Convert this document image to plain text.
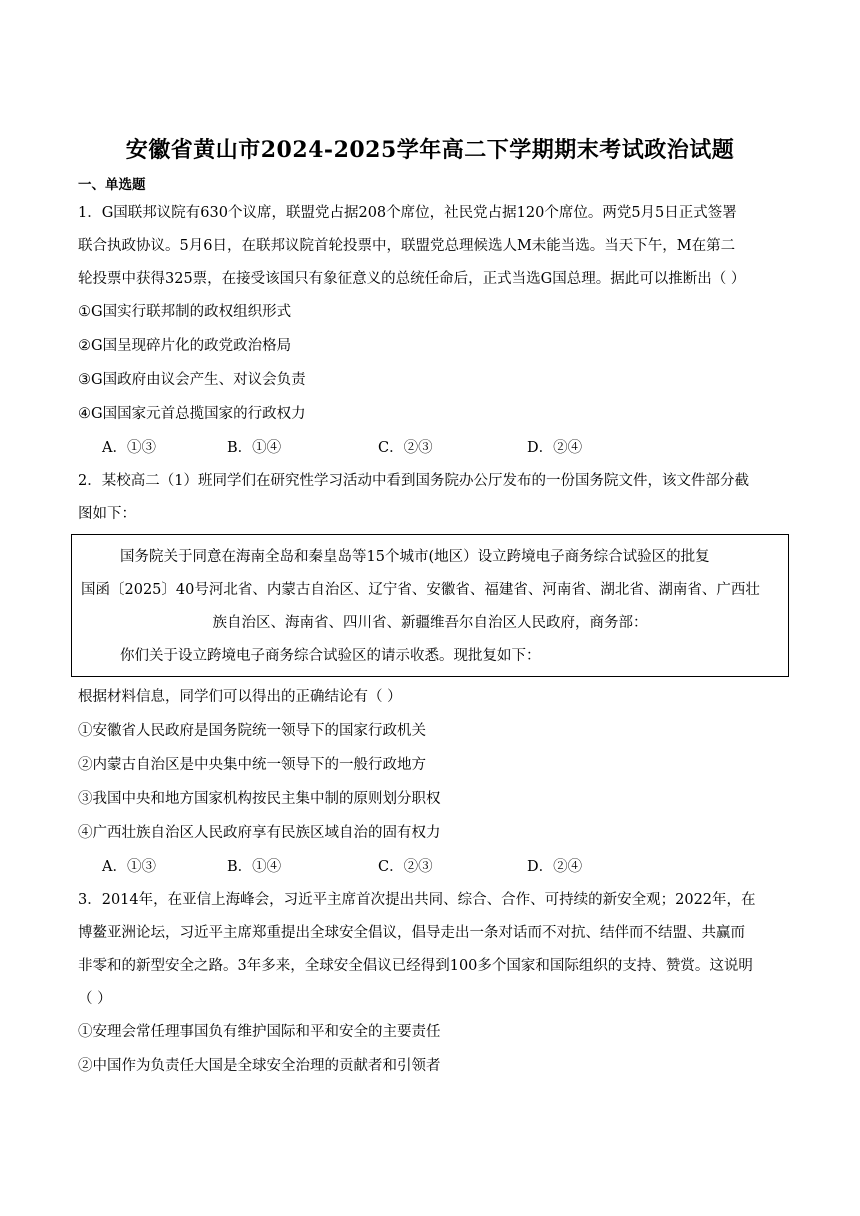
安徽省黄山市2024-2025学年高二下学期期末考试政治试题
一、单选题
1．G国联邦议院有630个议席，联盟党占据208个席位，社民党占据120个席位。两党5月5日正式签署
联合执政协议。5月6日，在联邦议院首轮投票中，联盟党总理候选人M未能当选。当天下午，M在第二
轮投票中获得325票，在接受该国只有象征意义的总统任命后，正式当选G国总理。据此可以推断出（ ）
①G国实行联邦制的政权组织形式
②G国呈现碎片化的政党政治格局
③G国政府由议会产生、对议会负责
④G国国家元首总揽国家的行政权力
A．①③	B．①④	C．②③	D．②④
2．某校高二（1）班同学们在研究性学习活动中看到国务院办公厅发布的一份国务院文件，该文件部分截
图如下：
国务院关于同意在海南全岛和秦皇岛等15个城市(地区）设立跨境电子商务综合试验区的批复
国函〔2025〕40号河北省、内蒙古自治区、辽宁省、安徽省、福建省、河南省、湖北省、湖南省、广西壮
族自治区、海南省、四川省、新疆维吾尔自治区人民政府，商务部：
你们关于设立跨境电子商务综合试验区的请示收悉。现批复如下：
根据材料信息，同学们可以得出的正确结论有（ ）
①安徽省人民政府是国务院统一领导下的国家行政机关
②内蒙古自治区是中央集中统一领导下的一般行政地方
③我国中央和地方国家机构按民主集中制的原则划分职权
④广西壮族自治区人民政府享有民族区域自治的固有权力
A．①③	B．①④	C．②③	D．②④
3．2014年，在亚信上海峰会，习近平主席首次提出共同、综合、合作、可持续的新安全观；2022年，在
博鳌亚洲论坛，习近平主席郑重提出全球安全倡议，倡导走出一条对话而不对抗、结伴而不结盟、共赢而
非零和的新型安全之路。3年多来，全球安全倡议已经得到100多个国家和国际组织的支持、赞赏。这说明
（ ）
①安理会常任理事国负有维护国际和平和安全的主要责任
②中国作为负责任大国是全球安全治理的贡献者和引领者
